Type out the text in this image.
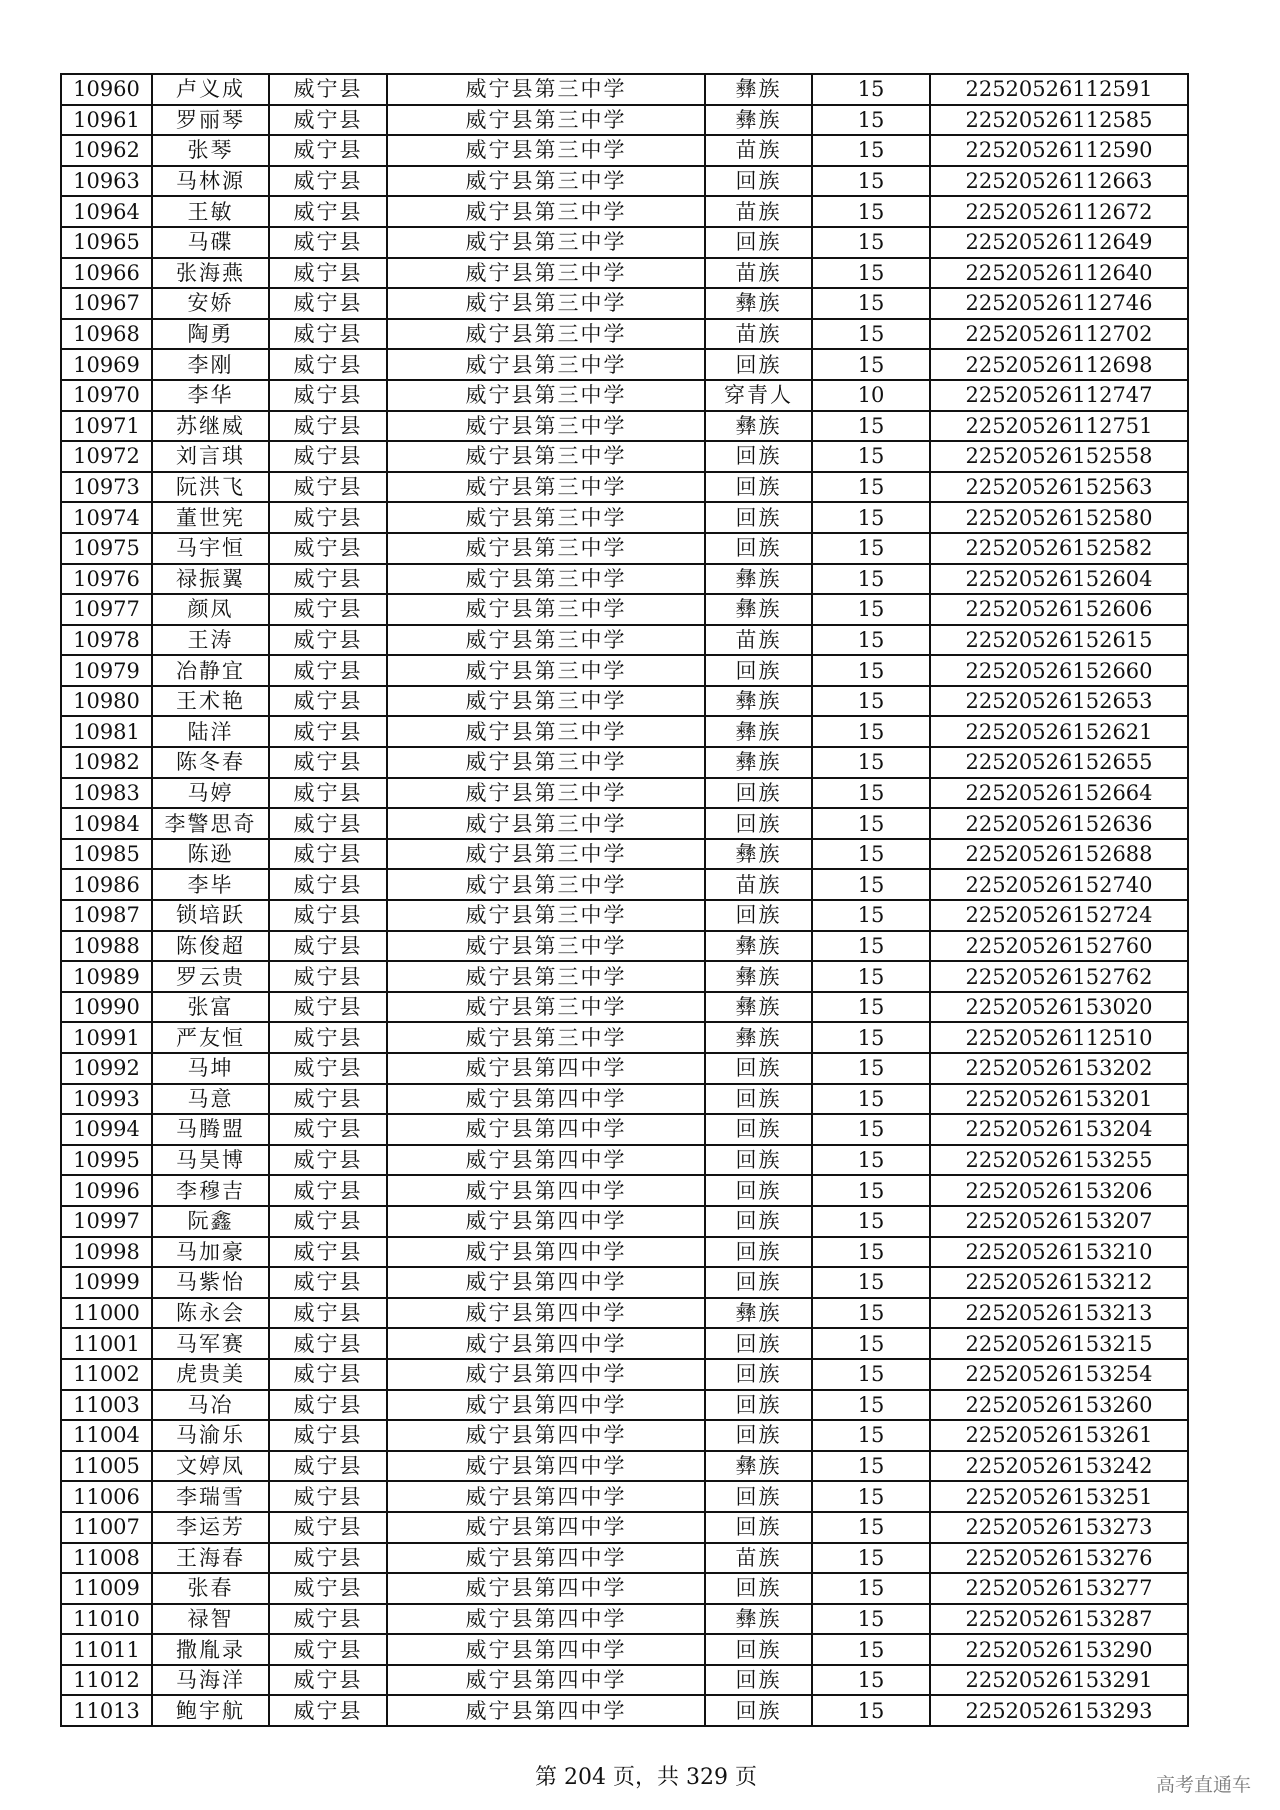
10960	卢义成	威宁县	威宁县第三中学	彝族	15	22520526112591
10961	罗丽琴	威宁县	威宁县第三中学	彝族	15	22520526112585
10962	张琴	威宁县	威宁县第三中学	苗族	15	22520526112590
10963	马林源	威宁县	威宁县第三中学	回族	15	22520526112663
10964	王敏	威宁县	威宁县第三中学	苗族	15	22520526112672
10965	马碟	威宁县	威宁县第三中学	回族	15	22520526112649
10966	张海燕	威宁县	威宁县第三中学	苗族	15	22520526112640
10967	安娇	威宁县	威宁县第三中学	彝族	15	22520526112746
10968	陶勇	威宁县	威宁县第三中学	苗族	15	22520526112702
10969	李刚	威宁县	威宁县第三中学	回族	15	22520526112698
10970	李华	威宁县	威宁县第三中学	穿青人	10	22520526112747
10971	苏继威	威宁县	威宁县第三中学	彝族	15	22520526112751
10972	刘言琪	威宁县	威宁县第三中学	回族	15	22520526152558
10973	阮洪飞	威宁县	威宁县第三中学	回族	15	22520526152563
10974	董世宪	威宁县	威宁县第三中学	回族	15	22520526152580
10975	马宇恒	威宁县	威宁县第三中学	回族	15	22520526152582
10976	禄振翼	威宁县	威宁县第三中学	彝族	15	22520526152604
10977	颜凤	威宁县	威宁县第三中学	彝族	15	22520526152606
10978	王涛	威宁县	威宁县第三中学	苗族	15	22520526152615
10979	冶静宜	威宁县	威宁县第三中学	回族	15	22520526152660
10980	王术艳	威宁县	威宁县第三中学	彝族	15	22520526152653
10981	陆洋	威宁县	威宁县第三中学	彝族	15	22520526152621
10982	陈冬春	威宁县	威宁县第三中学	彝族	15	22520526152655
10983	马婷	威宁县	威宁县第三中学	回族	15	22520526152664
10984	李警思奇	威宁县	威宁县第三中学	回族	15	22520526152636
10985	陈逊	威宁县	威宁县第三中学	彝族	15	22520526152688
10986	李毕	威宁县	威宁县第三中学	苗族	15	22520526152740
10987	锁培跃	威宁县	威宁县第三中学	回族	15	22520526152724
10988	陈俊超	威宁县	威宁县第三中学	彝族	15	22520526152760
10989	罗云贵	威宁县	威宁县第三中学	彝族	15	22520526152762
10990	张富	威宁县	威宁县第三中学	彝族	15	22520526153020
10991	严友恒	威宁县	威宁县第三中学	彝族	15	22520526112510
10992	马坤	威宁县	威宁县第四中学	回族	15	22520526153202
10993	马意	威宁县	威宁县第四中学	回族	15	22520526153201
10994	马腾盟	威宁县	威宁县第四中学	回族	15	22520526153204
10995	马昊博	威宁县	威宁县第四中学	回族	15	22520526153255
10996	李穆吉	威宁县	威宁县第四中学	回族	15	22520526153206
10997	阮鑫	威宁县	威宁县第四中学	回族	15	22520526153207
10998	马加豪	威宁县	威宁县第四中学	回族	15	22520526153210
10999	马紫怡	威宁县	威宁县第四中学	回族	15	22520526153212
11000	陈永会	威宁县	威宁县第四中学	彝族	15	22520526153213
11001	马军赛	威宁县	威宁县第四中学	回族	15	22520526153215
11002	虎贵美	威宁县	威宁县第四中学	回族	15	22520526153254
11003	马冶	威宁县	威宁县第四中学	回族	15	22520526153260
11004	马渝乐	威宁县	威宁县第四中学	回族	15	22520526153261
11005	文婷凤	威宁县	威宁县第四中学	彝族	15	22520526153242
11006	李瑞雪	威宁县	威宁县第四中学	回族	15	22520526153251
11007	李运芳	威宁县	威宁县第四中学	回族	15	22520526153273
11008	王海春	威宁县	威宁县第四中学	苗族	15	22520526153276
11009	张春	威宁县	威宁县第四中学	回族	15	22520526153277
11010	禄智	威宁县	威宁县第四中学	彝族	15	22520526153287
11011	撒胤录	威宁县	威宁县第四中学	回族	15	22520526153290
11012	马海洋	威宁县	威宁县第四中学	回族	15	22520526153291
11013	鲍宇航	威宁县	威宁县第四中学	回族	15	22520526153293
第 204 页，共 329 页	高考直通车
